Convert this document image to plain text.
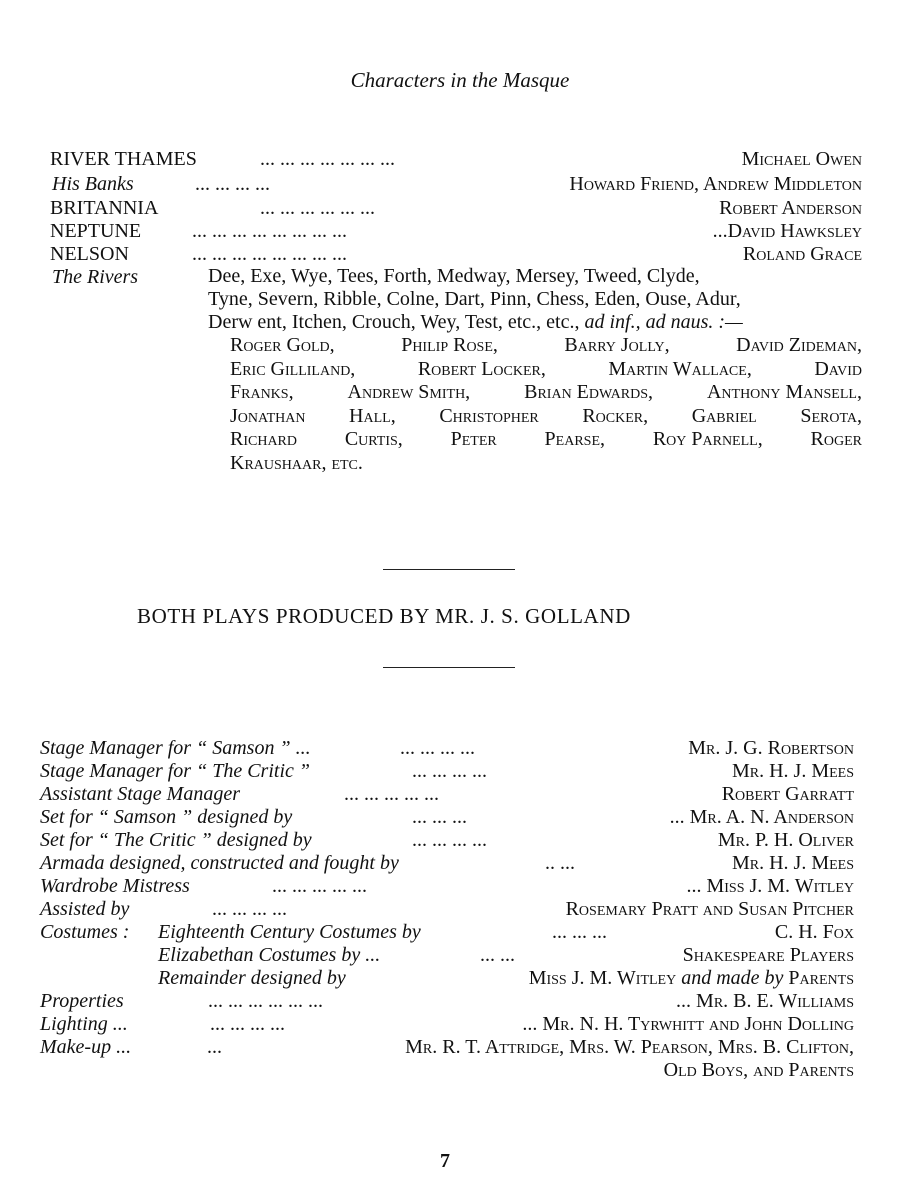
Characters in the Masque
RIVER THAMES	... ... ... ... ... ... ...	Michael Owen
His Banks	... ... ... ...	Howard Friend, Andrew Middleton
BRITANNIA	... ... ... ... ... ...	Robert Anderson
NEPTUNE	... ... ... ... ... ... ... ...	...David Hawksley
NELSON	... ... ... ... ... ... ... ...	Roland Grace
The Rivers	Dee, Exe, Wye, Tees, Forth, Medway, Mersey, Tweed, Clyde,
Tyne, Severn, Ribble, Colne, Dart, Pinn, Chess, Eden, Ouse, Adur,
Derw ent, Itchen, Crouch, Wey, Test, etc., etc., ad inf., ad naus. :—
Roger Gold,	Philip Rose,	Barry Jolly,	David Zideman,
Eric Gilliland,	Robert Locker,	Martin Wallace,	David
Franks,	Andrew Smith,	Brian Edwards,	Anthony Mansell,
Jonathan Hall, Christopher Rocker, Gabriel Serota,
Richard Curtis, Peter Pearse, Roy Parnell, Roger
Kraushaar, etc.
BOTH PLAYS PRODUCED BY MR. J. S. GOLLAND
Stage Manager for “ Samson ” ...	... ... ... ...	Mr. J. G. Robertson
Stage Manager for “ The Critic ”	... ... ... ...	Mr. H. J. Mees
Assistant Stage Manager	... ... ... ... ...	Robert Garratt
Set for “ Samson ” designed by	... ... ...	... Mr. A. N. Anderson
Set for “ The Critic ” designed by	... ... ... ...	Mr. P. H. Oliver
Armada designed, constructed and fought by	.. ...	Mr. H. J. Mees
Wardrobe Mistress	... ... ... ... ...	... Miss J. M. Witley
Assisted by	... ... ... ...	Rosemary Pratt and Susan Pitcher
Costumes : Eighteenth Century Costumes by	... ... ...	C. H. Fox
Elizabethan Costumes by ...	... ...	Shakespeare Players
Remainder designed by	Miss J. M. Witley and made by Parents
Properties	... ... ... ... ... ...	... Mr. B. E. Williams
Lighting ...	... ... ... ...	... Mr. N. H. Tyrwhitt and John Dolling
Make-up ...	...	Mr. R. T. Attridge, Mrs. W. Pearson, Mrs. B. Clifton,
Old Boys, and Parents
7
